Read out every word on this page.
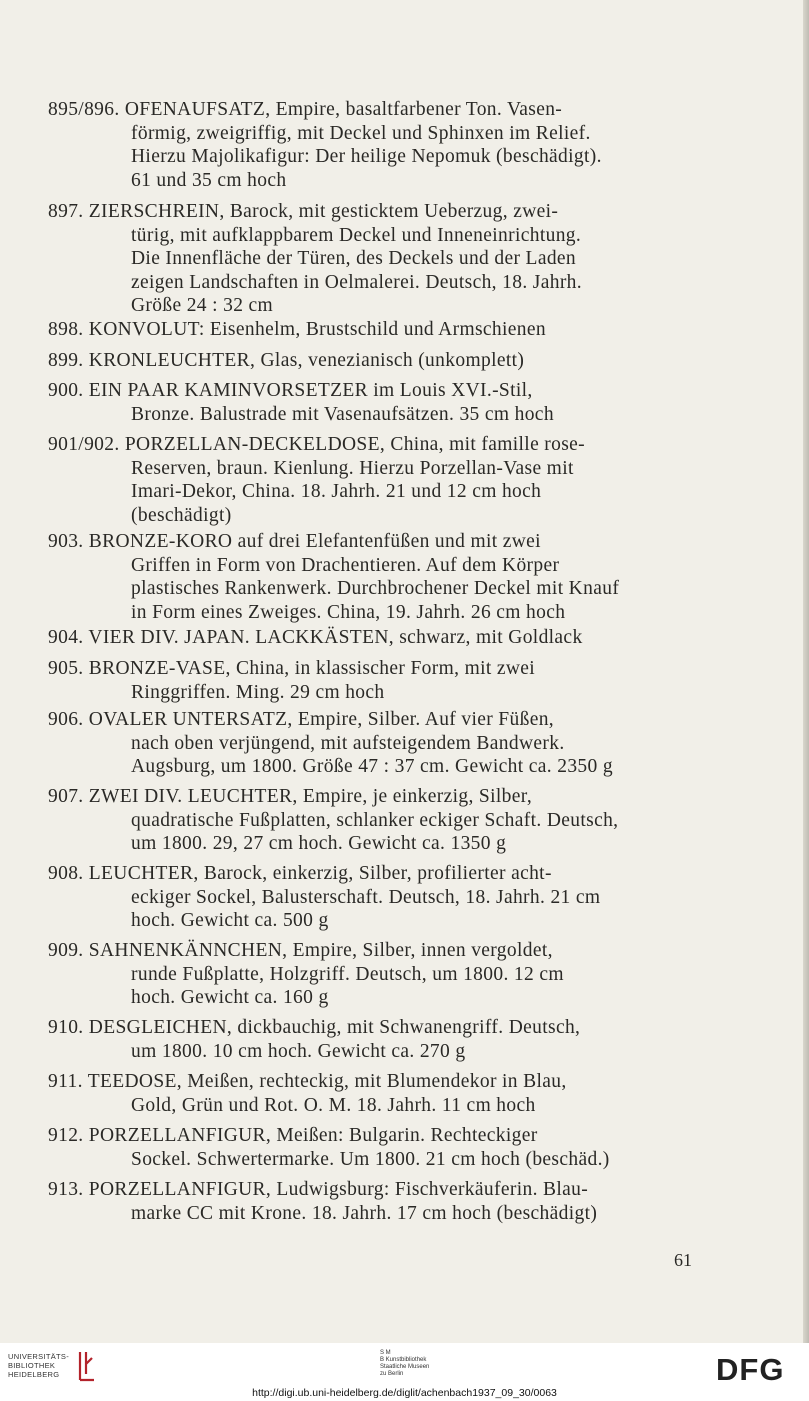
895/896. OFENAUFSATZ, Empire, basaltfarbener Ton. Vasen-

förmig, zweigriffig, mit Deckel und Sphinxen im Relief.

Hierzu Majolikafigur: Der heilige Nepomuk (beschädigt).

61 und 35 cm hoch

897. ZIERSCHREIN, Barock, mit gesticktem Ueberzug, zwei-

türig, mit aufklappbarem Deckel und Inneneinrichtung.

Die Innenfläche der Türen, des Deckels und der Laden

zeigen Landschaften in Oelmalerei. Deutsch, 18. Jahrh.

Größe 24 : 32 cm

898. KONVOLUT: Eisenhelm, Brustschild und Armschienen

899. KRONLEUCHTER, Glas, venezianisch (unkomplett)

900. EIN PAAR KAMINVORSETZER im Louis XVI.-Stil,

Bronze. Balustrade mit Vasenaufsätzen. 35 cm hoch

901/902. PORZELLAN-DECKELDOSE, China, mit famille rose-

Reserven, braun. Kienlung. Hierzu Porzellan-Vase mit

Imari-Dekor, China. 18. Jahrh. 21 und 12 cm hoch

(beschädigt)

903. BRONZE-KORO auf drei Elefantenfüßen und mit zwei

Griffen in Form von Drachentieren. Auf dem Körper

plastisches Rankenwerk. Durchbrochener Deckel mit Knauf

in Form eines Zweiges. China, 19. Jahrh. 26 cm hoch

904. VIER DIV. JAPAN. LACKKÄSTEN, schwarz, mit Goldlack

905. BRONZE-VASE, China, in klassischer Form, mit zwei

Ringgriffen. Ming. 29 cm hoch

906. OVALER UNTERSATZ, Empire, Silber. Auf vier Füßen,

nach oben verjüngend, mit aufsteigendem Bandwerk.

Augsburg, um 1800. Größe 47 : 37 cm. Gewicht ca. 2350 g

907. ZWEI DIV. LEUCHTER, Empire, je einkerzig, Silber,

quadratische Fußplatten, schlanker eckiger Schaft. Deutsch,

um 1800. 29, 27 cm hoch. Gewicht ca. 1350 g

908. LEUCHTER, Barock, einkerzig, Silber, profilierter acht-

eckiger Sockel, Balusterschaft. Deutsch, 18. Jahrh. 21 cm

hoch. Gewicht ca. 500 g

909. SAHNENKÄNNCHEN, Empire, Silber, innen vergoldet,

runde Fußplatte, Holzgriff. Deutsch, um 1800. 12 cm

hoch. Gewicht ca. 160 g

910. DESGLEICHEN, dickbauchig, mit Schwanengriff. Deutsch,

um 1800. 10 cm hoch. Gewicht ca. 270 g

911. TEEDOSE, Meißen, rechteckig, mit Blumendekor in Blau,

Gold, Grün und Rot. O. M. 18. Jahrh. 11 cm hoch

912. PORZELLANFIGUR, Meißen: Bulgarin. Rechteckiger

Sockel. Schwertermarke. Um 1800. 21 cm hoch (beschäd.)

913. PORZELLANFIGUR, Ludwigsburg: Fischverkäuferin. Blau-

marke CC mit Krone. 18. Jahrh. 17 cm hoch (beschädigt)

61
UNIVERSITÄTS-
BIBLIOTHEK
HEIDELBERG
S M
B Kunstbibliothek
Staatliche Museen
zu Berlin	DFG
http://digi.ub.uni-heidelberg.de/diglit/achenbach1937_09_30/0063
